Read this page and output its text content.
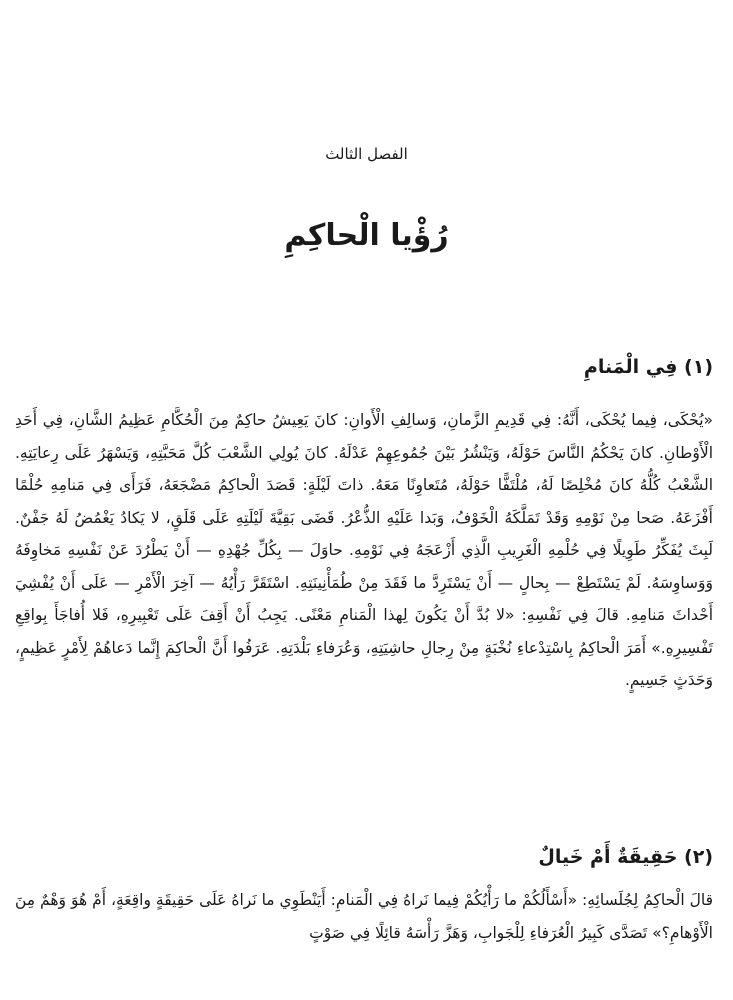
الفصل الثالث
رُؤْيا الْحاكِمِ
(١) فِي الْمَنامِ

«يُحْكَى، فِيما يُحْكَى، أَنَّهُ: فِي قَدِيمِ الزَّمانِ، وَسالِفِ الْأَوانِ: كانَ يَعِيشُ حاكِمٌ مِنَ الْحُكَّامِ عَظِيمُ الشَّانِ، فِي أَحَدِ الْأَوْطانِ. كانَ يَحْكُمُ النَّاسَ حَوْلَهُ، وَيَنْشُرُ بَيْنَ جُمُوعِهِمْ عَدْلَهُ. كانَ يُولِي الشَّعْبَ كُلَّ مَحَبَّتِهِ، وَيَسْهَرُ عَلَى رِعايَتِهِ. الشَّعْبُ كُلُّهُ كانَ مُخْلِصًا لَهُ، مُلْتَفًّا حَوْلَهُ، مُتَعاوِنًا مَعَهُ. ذاتَ لَيْلَةٍ: قَصَدَ الْحاكِمُ مَضْجَعَهُ، فَرَأَى فِي مَنامِهِ حُلْمًا أَفْزَعَهُ. صَحا مِنْ نَوْمِهِ وَقَدْ تَمَلَّكَهُ الْخَوْفُ، وَبَدا عَلَيْهِ الذُّعْرُ. قَضَى بَقِيَّةَ لَيْلَتِهِ عَلَى قَلَقٍ، لا يَكادُ يَغْمُضُ لَهُ جَفْنٌ. لَبِثَ يُفَكِّرُ طَوِيلًا فِي حُلْمِهِ الْغَرِيبِ الَّذِي أَزْعَجَهُ فِي نَوْمِهِ. حاوَلَ — بِكُلِّ جُهْدِهِ — أَنْ يَطْرُدَ عَنْ نَفْسِهِ مَخاوِفَهُ وَوَساوِسَهُ. لَمْ يَسْتَطِعْ — بِحالٍ — أَنْ يَسْتَرِدَّ ما فَقَدَ مِنْ طُمَأْنِينَتِهِ. اسْتَقَرَّ رَأْيُهُ — آخِرَ الْأَمْرِ — عَلَى أَنْ يُفْشِيَ أَحْداثَ مَنامِهِ. قالَ فِي نَفْسِهِ: «لا بُدَّ أَنْ يَكُونَ لِهذا الْمَنامِ مَعْنًى. يَجِبُ أَنْ أَقِفَ عَلَى تَعْبِيرِهِ، فَلا أُفاجَأَ بِواقِعِ تَفْسِيرِهِ.» أَمَرَ الْحاكِمُ بِاسْتِدْعاءِ نُخْبَةٍ مِنْ رِجالِ حاشِيَتِهِ، وَعُرَفاءِ بَلْدَتِهِ. عَرَفُوا أَنَّ الْحاكِمَ إِنَّما دَعاهُمْ لِأَمْرٍ عَظِيمٍ، وَحَدَثٍ جَسِيمٍ.

(٢) حَقِيقَةٌ أَمْ خَيالٌ

قالَ الْحاكِمُ لِجُلَسائِهِ: «أَسْأَلُكُمْ ما رَأْيُكُمْ فِيما نَراهُ فِي الْمَنامِ: أَيَنْطَوِي ما نَراهُ عَلَى حَقِيقَةٍ واقِعَةٍ، أَمْ هُوَ وَهْمٌ مِنَ الْأَوْهامِ؟» تَصَدَّى كَبِيرُ الْعُرَفاءِ لِلْجَوابِ، وَهَزَّ رَأْسَهُ قائِلًا فِي صَوْتٍ
